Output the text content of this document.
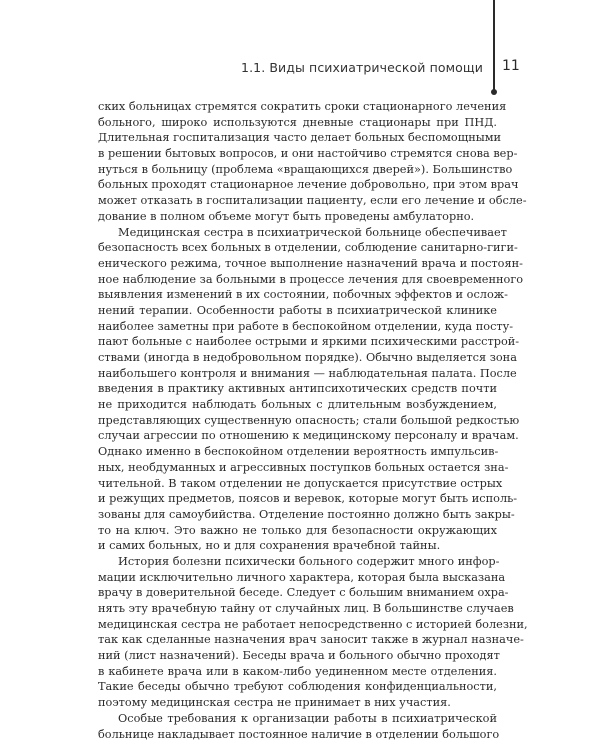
1.1. Виды психиатрической помощи 11
ских больницах стремятся сократить сроки стационарного лечения
больного, широко используются дневные стационары при ПНД.
Длительная госпитализация часто делает больных беспомощными
в решении бытовых вопросов, и они настойчиво стремятся снова вер-
нуться в больницу (проблема «вращающихся дверей»). Большинство
больных проходят стационарное лечение добровольно, при этом врач
может отказать в госпитализации пациенту, если его лечение и обсле-
дование в полном объеме могут быть проведены амбулаторно.
Медицинская сестра в психиатрической больнице обеспечивает
безопасность всех больных в отделении, соблюдение санитарно-гиги-
енического режима, точное выполнение назначений врача и постоян-
ное наблюдение за больными в процессе лечения для своевременного
выявления изменений в их состоянии, побочных эффектов и ослож-
нений терапии. Особенности работы в психиатрической клинике
наиболее заметны при работе в беспокойном отделении, куда посту-
пают больные с наиболее острыми и яркими психическими расстрой-
ствами (иногда в недобровольном порядке). Обычно выделяется зона
наибольшего контроля и внимания — наблюдательная палата. После
введения в практику активных антипсихотических средств почти
не приходится наблюдать больных с длительным возбуждением,
представляющих существенную опасность; стали большой редкостью
случаи агрессии по отношению к медицинскому персоналу и врачам.
Однако именно в беспокойном отделении вероятность импульсив-
ных, необдуманных и агрессивных поступков больных остается зна-
чительной. В таком отделении не допускается присутствие острых
и режущих предметов, поясов и веревок, которые могут быть исполь-
зованы для самоубийства. Отделение постоянно должно быть закры-
то на ключ. Это важно не только для безопасности окружающих
и самих больных, но и для сохранения врачебной тайны.
История болезни психически больного содержит много инфор-
мации исключительно личного характера, которая была высказана
врачу в доверительной беседе. Следует с большим вниманием охра-
нять эту врачебную тайну от случайных лиц. В большинстве случаев
медицинская сестра не работает непосредственно с историей болезни,
так как сделанные назначения врач заносит также в журнал назначе-
ний (лист назначений). Беседы врача и больного обычно проходят
в кабинете врача или в каком-либо уединенном месте отделения.
Такие беседы обычно требуют соблюдения конфиденциальности,
поэтому медицинская сестра не принимает в них участия.
Особые требования к организации работы в психиатрической
больнице накладывает постоянное наличие в отделении большого
